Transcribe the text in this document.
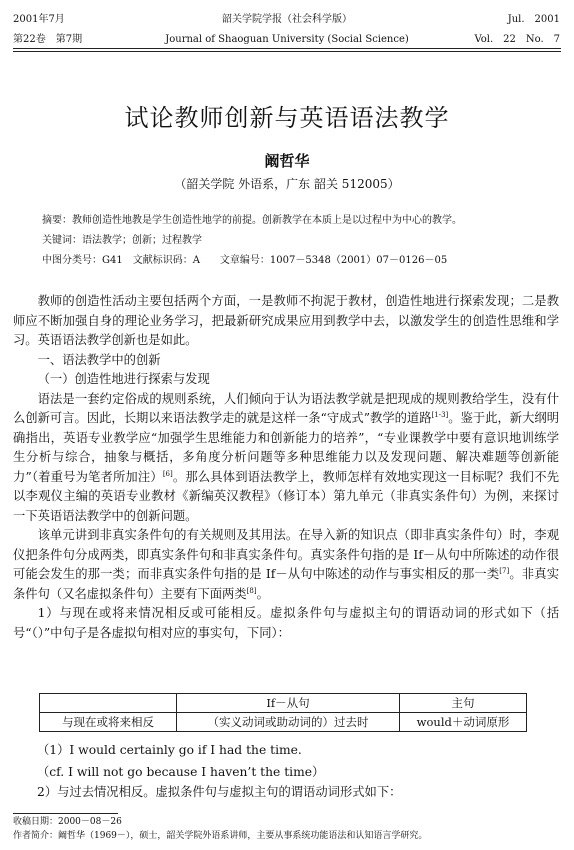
2001年7月
第22卷　第7期
韶关学院学报（社会科学版）
Journal of Shaoguan University (Social Science)
Jul.　2001
Vol.　22　No.　7
试论教师创新与英语语法教学
阚哲华
（韶关学院 外语系，广东 韶关 512005）
摘要：教师创造性地教是学生创造性地学的前提。创新教学在本质上是以过程中为中心的教学。
关键词：语法教学；创新；过程教学
中图分类号：G41　文献标识码：A　　文章编号：1007－5348（2001）07－0126－05

教师的创造性活动主要包括两个方面，一是教师不拘泥于教材，创造性地进行探索发现；二是教师应不断加强自身的理论业务学习，把最新研究成果应用到教学中去，以激发学生的创造性思维和学习。英语语法教学创新也是如此。

一、语法教学中的创新

（一）创造性地进行探索与发现

语法是一套约定俗成的规则系统，人们倾向于认为语法教学就是把现成的规则教给学生，没有什么创新可言。因此，长期以来语法教学走的就是这样一条“守成式”教学的道路[1-3]。鉴于此，新大纲明确指出，英语专业教学应“加强学生思维能力和创新能力的培养”，“专业课教学中要有意识地训练学生分析与综合，抽象与概括，多角度分析问题等多种思维能力以及发现问题、解决难题等创新能力”（着重号为笔者所加注）[6]。那么具体到语法教学上，教师怎样有效地实现这一目标呢？我们不先以李观仪主编的英语专业教材《新编英汉教程》（修订本）第九单元（非真实条件句）为例，来探讨一下英语语法教学中的创新问题。

该单元讲到非真实条件句的有关规则及其用法。在导入新的知识点（即非真实条件句）时，李观仪把条件句分成两类，即真实条件句和非真实条件句。真实条件句指的是 If－从句中所陈述的动作很可能会发生的那一类；而非真实条件句指的是 If－从句中陈述的动作与事实相反的那一类[7]。非真实条件句（又名虚拟条件句）主要有下面两类[8]。

1）与现在或将来情况相反或可能相反。虚拟条件句与虚拟主句的谓语动词的形式如下（括号“（）”中句子是各虚拟句相对应的事实句，下同）：

	If－从句	主句
与现在或将来相反	（实义动词或助动词的）过去时	would＋动词原形
（1）I would certainly go if I had the time.
（cf. I will not go because I haven’t the time）
2）与过去情况相反。虚拟条件句与虚拟主句的谓语动词形式如下：
收稿日期：2000－08－26
作者简介：阚哲华（1969－），硕士，韶关学院外语系讲师，主要从事系统功能语法和认知语言学研究。
